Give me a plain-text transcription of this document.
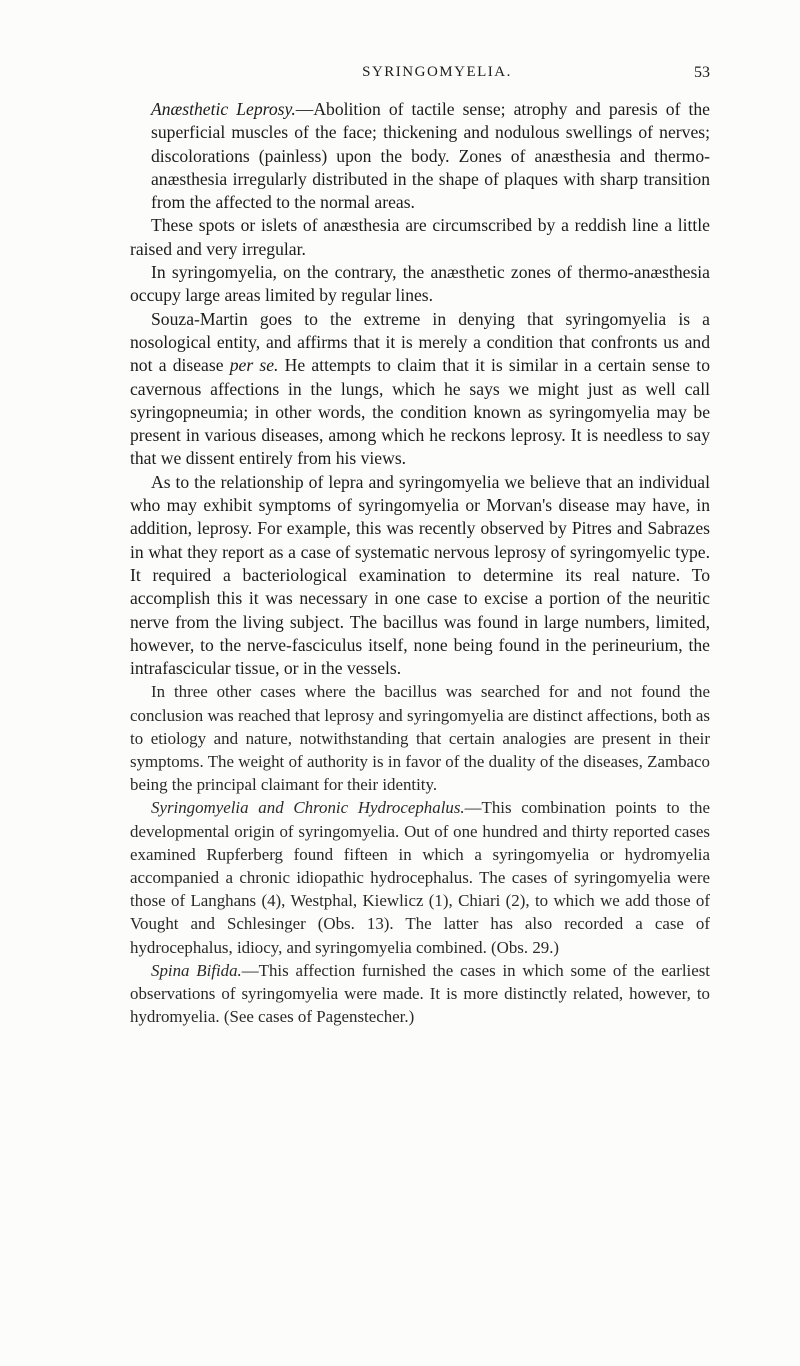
SYRINGOMYELIA.	53

Anæsthetic Leprosy.—Abolition of tactile sense; atrophy and paresis of the superficial muscles of the face; thickening and nodulous swellings of nerves; discolorations (painless) upon the body. Zones of anæsthesia and thermo-anæsthesia irregularly distributed in the shape of plaques with sharp transition from the affected to the normal areas.

These spots or islets of anæsthesia are circumscribed by a reddish line a little raised and very irregular.

In syringomyelia, on the contrary, the anæsthetic zones of thermo-anæsthesia occupy large areas limited by regular lines.

Souza-Martin goes to the extreme in denying that syringomyelia is a nosological entity, and affirms that it is merely a condition that confronts us and not a disease per se. He attempts to claim that it is similar in a certain sense to cavernous affections in the lungs, which he says we might just as well call syringopneumia; in other words, the condition known as syringomyelia may be present in various diseases, among which he reckons leprosy. It is needless to say that we dissent entirely from his views.

As to the relationship of lepra and syringomyelia we believe that an individual who may exhibit symptoms of syringomyelia or Morvan's disease may have, in addition, leprosy. For example, this was recently observed by Pitres and Sabrazes in what they report as a case of systematic nervous leprosy of syringomyelic type. It required a bacteriological examination to determine its real nature. To accomplish this it was necessary in one case to excise a portion of the neuritic nerve from the living subject. The bacillus was found in large numbers, limited, however, to the nerve-fasciculus itself, none being found in the perineurium, the intrafascicular tissue, or in the vessels.

In three other cases where the bacillus was searched for and not found the conclusion was reached that leprosy and syringomyelia are distinct affections, both as to etiology and nature, notwithstanding that certain analogies are present in their symptoms. The weight of authority is in favor of the duality of the diseases, Zambaco being the principal claimant for their identity.

Syringomyelia and Chronic Hydrocephalus.—This combination points to the developmental origin of syringomyelia. Out of one hundred and thirty reported cases examined Rupferberg found fifteen in which a syringomyelia or hydromyelia accompanied a chronic idiopathic hydrocephalus. The cases of syringomyelia were those of Langhans (4), Westphal, Kiewlicz (1), Chiari (2), to which we add those of Vought and Schlesinger (Obs. 13). The latter has also recorded a case of hydrocephalus, idiocy, and syringomyelia combined. (Obs. 29.)

Spina Bifida.—This affection furnished the cases in which some of the earliest observations of syringomyelia were made. It is more distinctly related, however, to hydromyelia. (See cases of Pagenstecher.)
